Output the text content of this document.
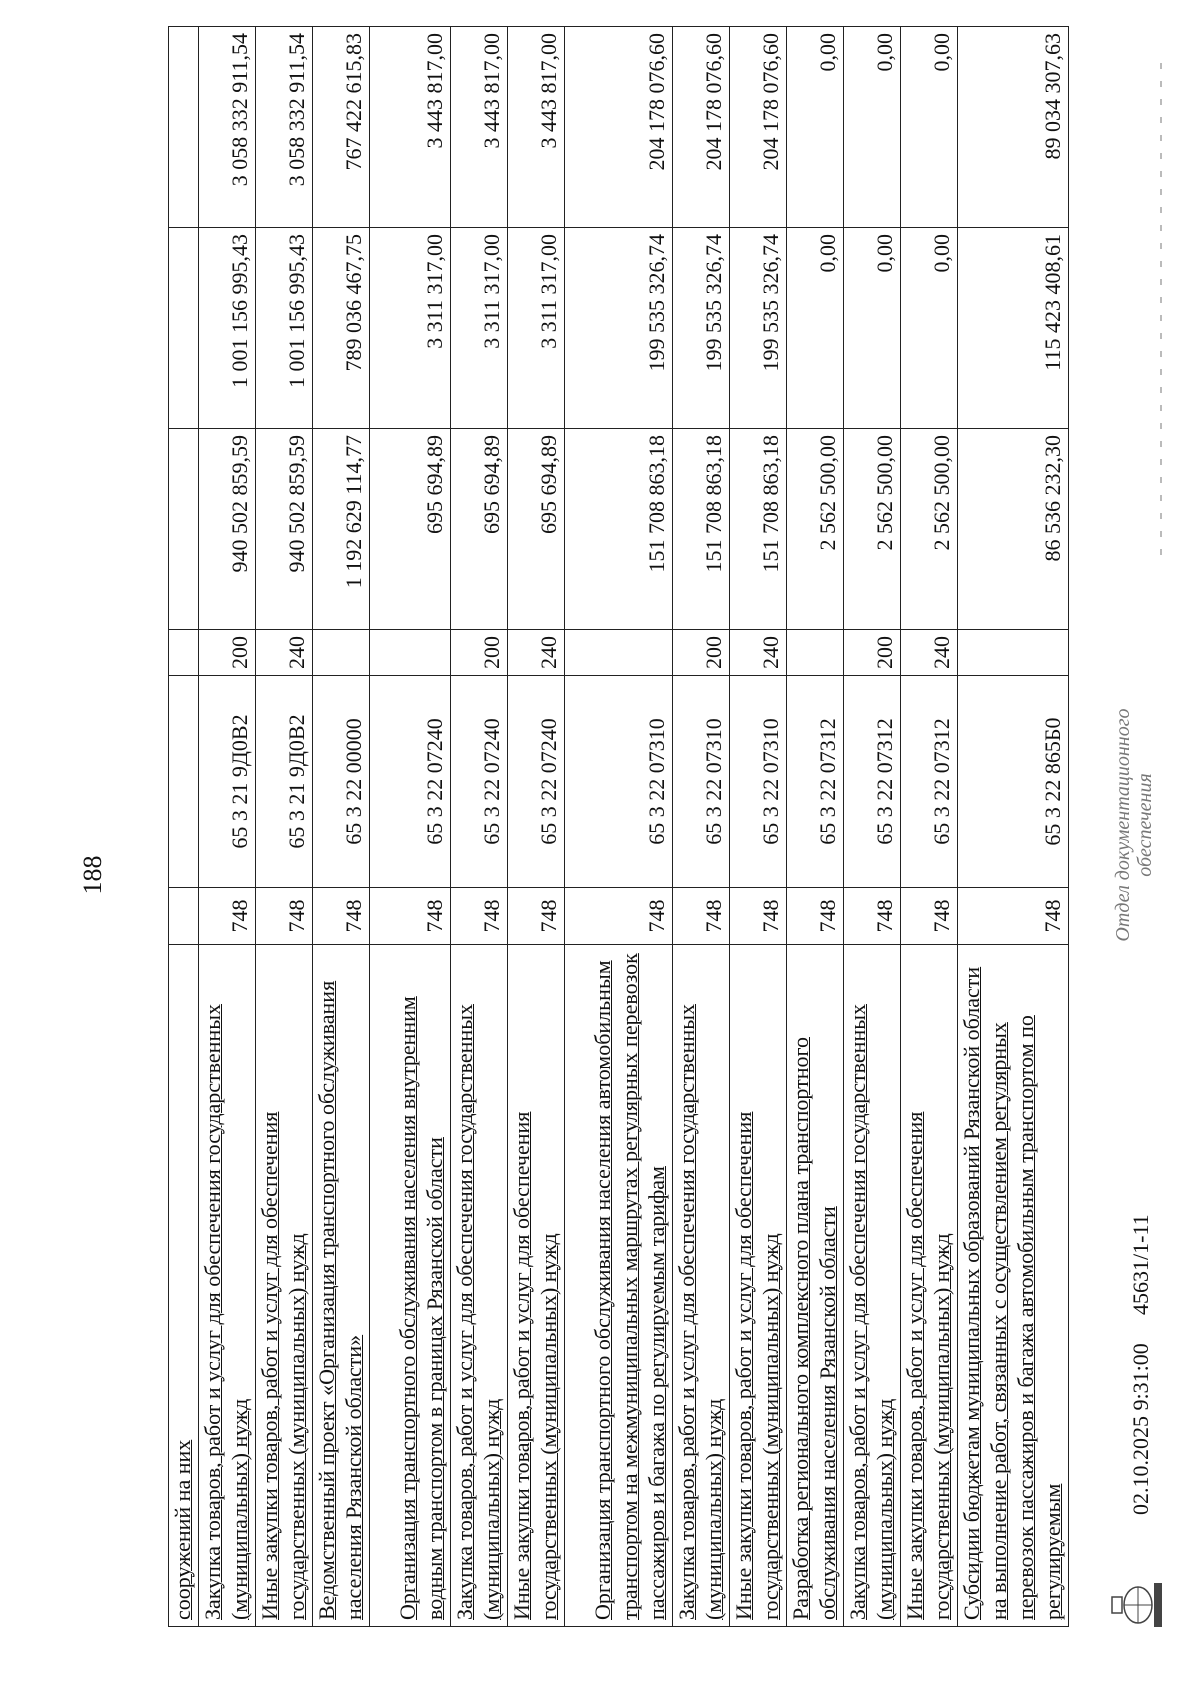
188
сооружений на них						
Закупка товаров, работ и услуг для обеспечения государственных (муниципальных) нужд	748	65 3 21 9Д0В2	200	940 502 859,59	1 001 156 995,43	3 058 332 911,54
Иные закупки товаров, работ и услуг для обеспечения государственных (муниципальных) нужд	748	65 3 21 9Д0В2	240	940 502 859,59	1 001 156 995,43	3 058 332 911,54
Ведомственный проект «Организация транспортного обслуживания населения Рязанской области»	748	65 3 22 00000		1 192 629 114,77	789 036 467,75	767 422 615,83
Организация транспортного обслуживания населения внутренним водным транспортом в границах Рязанской области	748	65 3 22 07240		695 694,89	3 311 317,00	3 443 817,00
Закупка товаров, работ и услуг для обеспечения государственных (муниципальных) нужд	748	65 3 22 07240	200	695 694,89	3 311 317,00	3 443 817,00
Иные закупки товаров, работ и услуг для обеспечения государственных (муниципальных) нужд	748	65 3 22 07240	240	695 694,89	3 311 317,00	3 443 817,00
Организация транспортного обслуживания населения автомобильным транспортом на межмуниципальных маршрутах регулярных перевозок пассажиров и багажа по регулируемым тарифам	748	65 3 22 07310		151 708 863,18	199 535 326,74	204 178 076,60
Закупка товаров, работ и услуг для обеспечения государственных (муниципальных) нужд	748	65 3 22 07310	200	151 708 863,18	199 535 326,74	204 178 076,60
Иные закупки товаров, работ и услуг для обеспечения государственных (муниципальных) нужд	748	65 3 22 07310	240	151 708 863,18	199 535 326,74	204 178 076,60
Разработка регионального комплексного плана транспортного обслуживания населения Рязанской области	748	65 3 22 07312		2 562 500,00	0,00	0,00
Закупка товаров, работ и услуг для обеспечения государственных (муниципальных) нужд	748	65 3 22 07312	200	2 562 500,00	0,00	0,00
Иные закупки товаров, работ и услуг для обеспечения государственных (муниципальных) нужд	748	65 3 22 07312	240	2 562 500,00	0,00	0,00
Субсидии бюджетам муниципальных образований Рязанской области на выполнение работ, связанных с осуществлением регулярных перевозок пассажиров и багажа автомобильным транспортом по регулируемым	748	65 3 22 865Б0		86 536 232,30	115 423 408,61	89 034 307,63
02.10.2025 9:31:00
45631/1-11
Отдел документационного обеспечения
